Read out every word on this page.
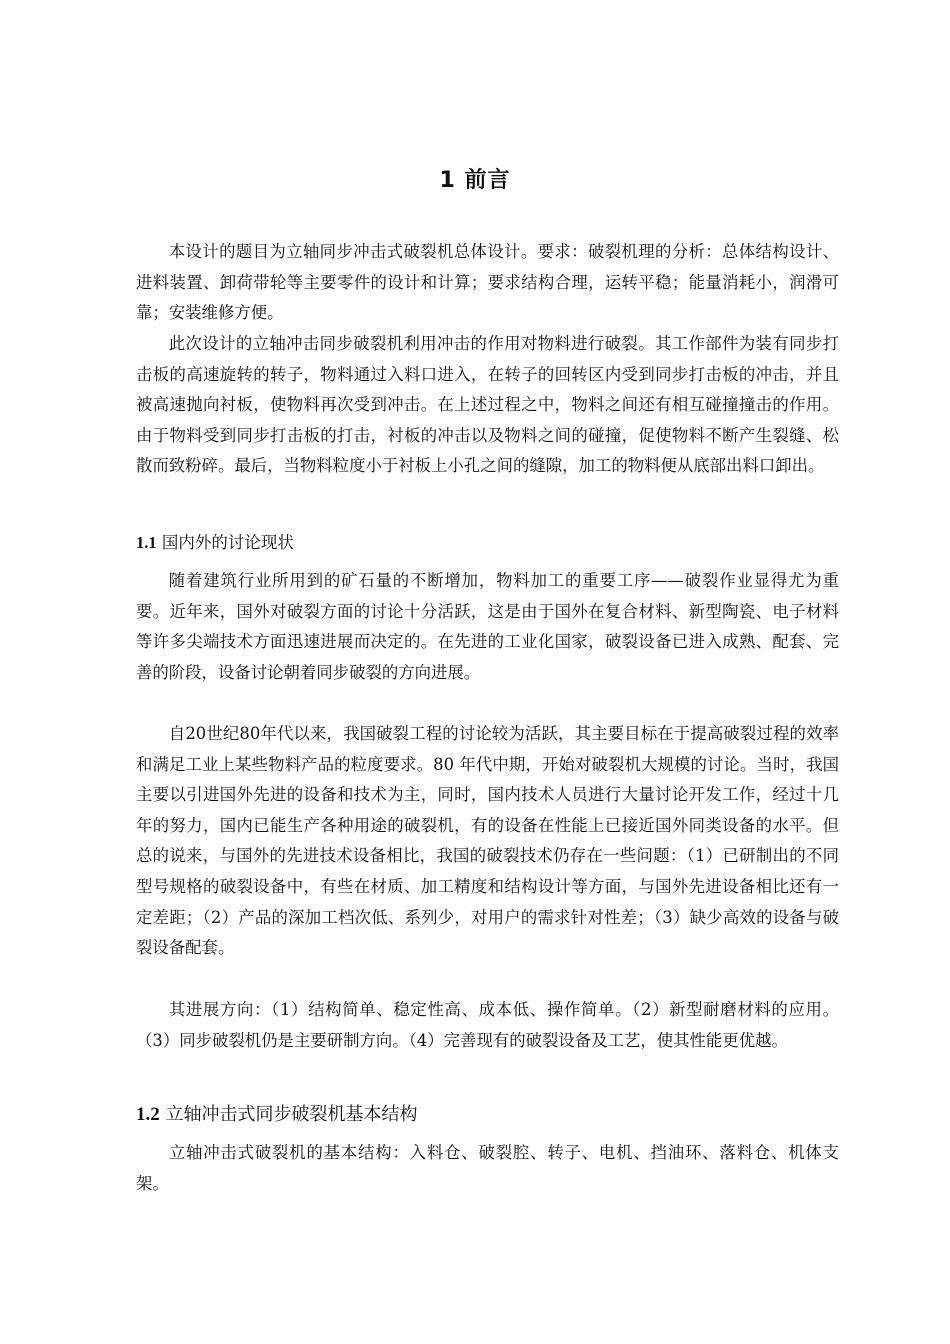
1 前言

本设计的题目为立轴同步冲击式破裂机总体设计。要求：破裂机理的分析：总体结构设计、进料装置、卸荷带轮等主要零件的设计和计算；要求结构合理，运转平稳；能量消耗小，润滑可靠；安装维修方便。

此次设计的立轴冲击同步破裂机利用冲击的作用对物料进行破裂。其工作部件为装有同步打击板的高速旋转的转子，物料通过入料口进入，在转子的回转区内受到同步打击板的冲击，并且被高速抛向衬板，使物料再次受到冲击。在上述过程之中，物料之间还有相互碰撞撞击的作用。由于物料受到同步打击板的打击，衬板的冲击以及物料之间的碰撞，促使物料不断产生裂缝、松散而致粉碎。最后，当物料粒度小于衬板上小孔之间的缝隙，加工的物料便从底部出料口卸出。

1.1 国内外的讨论现状

随着建筑行业所用到的矿石量的不断增加，物料加工的重要工序——破裂作业显得尤为重要。近年来，国外对破裂方面的讨论十分活跃，这是由于国外在复合材料、新型陶瓷、电子材料等许多尖端技术方面迅速进展而决定的。在先进的工业化国家，破裂设备已进入成熟、配套、完善的阶段，设备讨论朝着同步破裂的方向进展。

自20世纪80年代以来，我国破裂工程的讨论较为活跃，其主要目标在于提高破裂过程的效率和满足工业上某些物料产品的粒度要求。80 年代中期，开始对破裂机大规模的讨论。当时，我国主要以引进国外先进的设备和技术为主，同时，国内技术人员进行大量讨论开发工作，经过十几年的努力，国内已能生产各种用途的破裂机，有的设备在性能上已接近国外同类设备的水平。但总的说来，与国外的先进技术设备相比，我国的破裂技术仍存在一些问题：（1）已研制出的不同型号规格的破裂设备中，有些在材质、加工精度和结构设计等方面，与国外先进设备相比还有一定差距；（2）产品的深加工档次低、系列少，对用户的需求针对性差；（3）缺少高效的设备与破裂设备配套。

其进展方向：（1）结构简单、稳定性高、成本低、操作简单。（2）新型耐磨材料的应用。（3）同步破裂机仍是主要研制方向。（4）完善现有的破裂设备及工艺，使其性能更优越。

1.2 立轴冲击式同步破裂机基本结构

立轴冲击式破裂机的基本结构：入料仓、破裂腔、转子、电机、挡油环、落料仓、机体支架。
